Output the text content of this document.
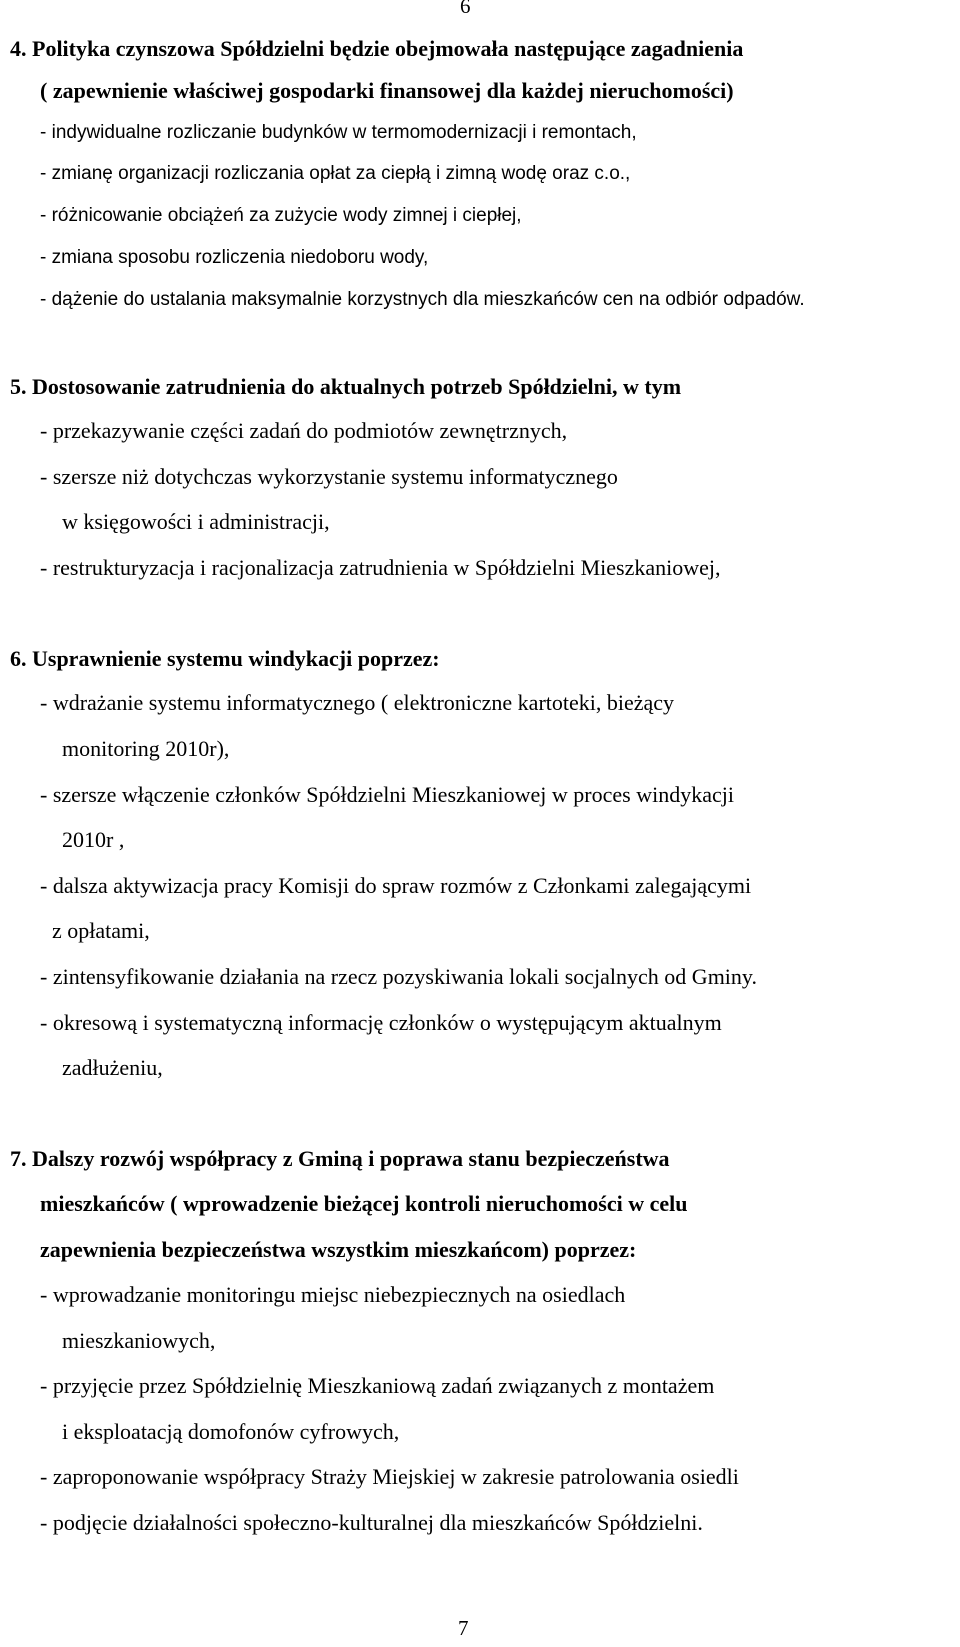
6
4. Polityka czynszowa Spółdzielni będzie obejmowała następujące zagadnienia
( zapewnienie właściwej gospodarki finansowej dla każdej nieruchomości)
- indywidualne rozliczanie budynków w termomodernizacji i remontach,
- zmianę organizacji rozliczania opłat za ciepłą i zimną wodę oraz c.o.,
- różnicowanie obciążeń za zużycie wody zimnej i ciepłej,
- zmiana sposobu rozliczenia niedoboru wody,
- dążenie do ustalania maksymalnie korzystnych dla mieszkańców cen na odbiór odpadów.
5. Dostosowanie zatrudnienia do aktualnych potrzeb Spółdzielni, w tym
- przekazywanie części zadań do podmiotów zewnętrznych,
- szersze niż dotychczas wykorzystanie systemu informatycznego
w księgowości i administracji,
- restrukturyzacja i racjonalizacja zatrudnienia w Spółdzielni Mieszkaniowej,
6. Usprawnienie systemu windykacji poprzez:
- wdrażanie systemu informatycznego ( elektroniczne kartoteki, bieżący
monitoring 2010r),
- szersze włączenie członków Spółdzielni Mieszkaniowej w proces windykacji
2010r ,
- dalsza aktywizacja pracy Komisji do spraw rozmów z Członkami zalegającymi
z opłatami,
- zintensyfikowanie działania na rzecz pozyskiwania lokali socjalnych od Gminy.
- okresową i systematyczną informację członków o występującym aktualnym
zadłużeniu,
7. Dalszy rozwój współpracy z Gminą i poprawa stanu bezpieczeństwa
mieszkańców ( wprowadzenie bieżącej kontroli nieruchomości w celu
zapewnienia bezpieczeństwa wszystkim mieszkańcom) poprzez:
- wprowadzanie monitoringu miejsc niebezpiecznych na osiedlach
mieszkaniowych,
- przyjęcie przez Spółdzielnię Mieszkaniową zadań związanych z montażem
i eksploatacją domofonów cyfrowych,
- zaproponowanie współpracy Straży Miejskiej w zakresie patrolowania osiedli
- podjęcie działalności społeczno-kulturalnej dla mieszkańców Spółdzielni.
7
